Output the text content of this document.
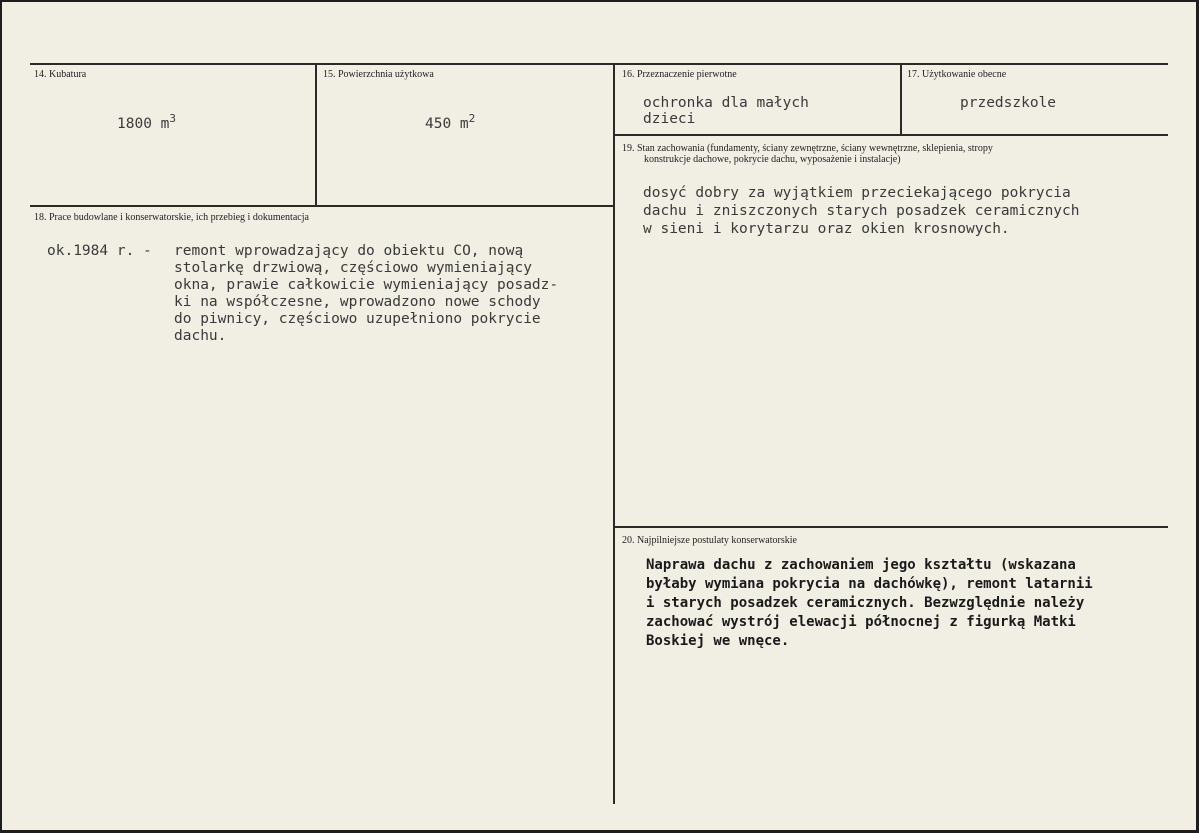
14. Kubatura
1800 $m^3$
15. Powierzchnia użytkowa
450 $m^2$
16. Przeznaczenie pierwotne
ochronka dla małych
dzieci
17. Użytkowanie obecne
przedszkole
19. Stan zachowania (fundamenty, ściany zewnętrzne, ściany wewnętrzne, sklepienia, stropy
konstrukcje dachowe, pokrycie dachu, wyposażenie i instalacje)
dosyć dobry za wyjątkiem przeciekającego pokrycia
dachu i zniszczonych starych posadzek ceramicznych
w sieni i korytarzu oraz okien krosnowych.
18. Prace budowlane i konserwatorskie, ich przebieg i dokumentacja
ok.1984 r. - remont wprowadzający do obiektu CO, nową
stolarkę drzwiową, częściowo wymieniający
okna, prawie całkowicie wymieniający posadz-
ki na współczesne, wprowadzono nowe schody
do piwnicy, częściowo uzupełniono pokrycie
dachu.
20. Najpilniejsze postulaty konserwatorskie
Naprawa dachu z zachowaniem jego kształtu (wskazana
byłaby wymiana pokrycia na dachówkę), remont latarnii
i starych posadzek ceramicznych. Bezwzględnie należy
zachować wystrój elewacji północnej z figurką Matki
Boskiej we wnęce.
